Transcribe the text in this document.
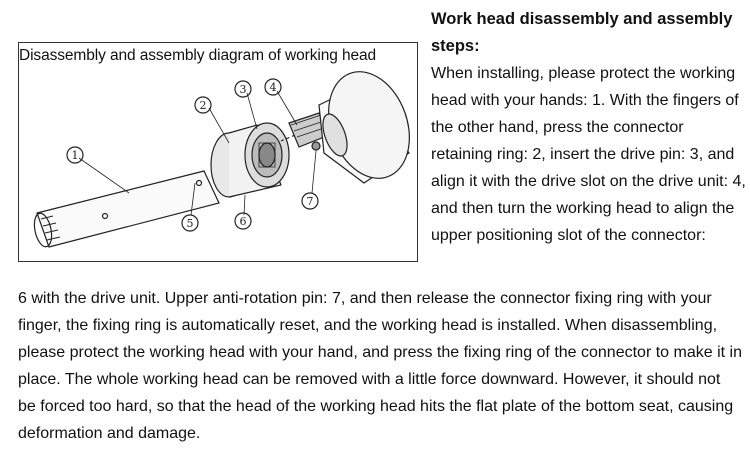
Disassembly and assembly diagram of working head
1
2
3 4
5	6
7
Work head disassembly and assembly steps:

When installing, please protect the working head with your hands: 1. With the fingers of the other hand, press the connector retaining ring: 2, insert the drive pin: 3, and align it with the drive slot on the drive unit: 4, and then turn the working head to align the upper positioning slot of the connector:

6 with the drive unit. Upper anti-rotation pin: 7, and then release the connector fixing ring with your finger, the fixing ring is automatically reset, and the working head is installed. When disassembling, please protect the working head with your hand, and press the fixing ring of the connector to make it in place. The whole working head can be removed with a little force downward. However, it should not be forced too hard, so that the head of the working head hits the flat plate of the bottom seat, causing deformation and damage.
